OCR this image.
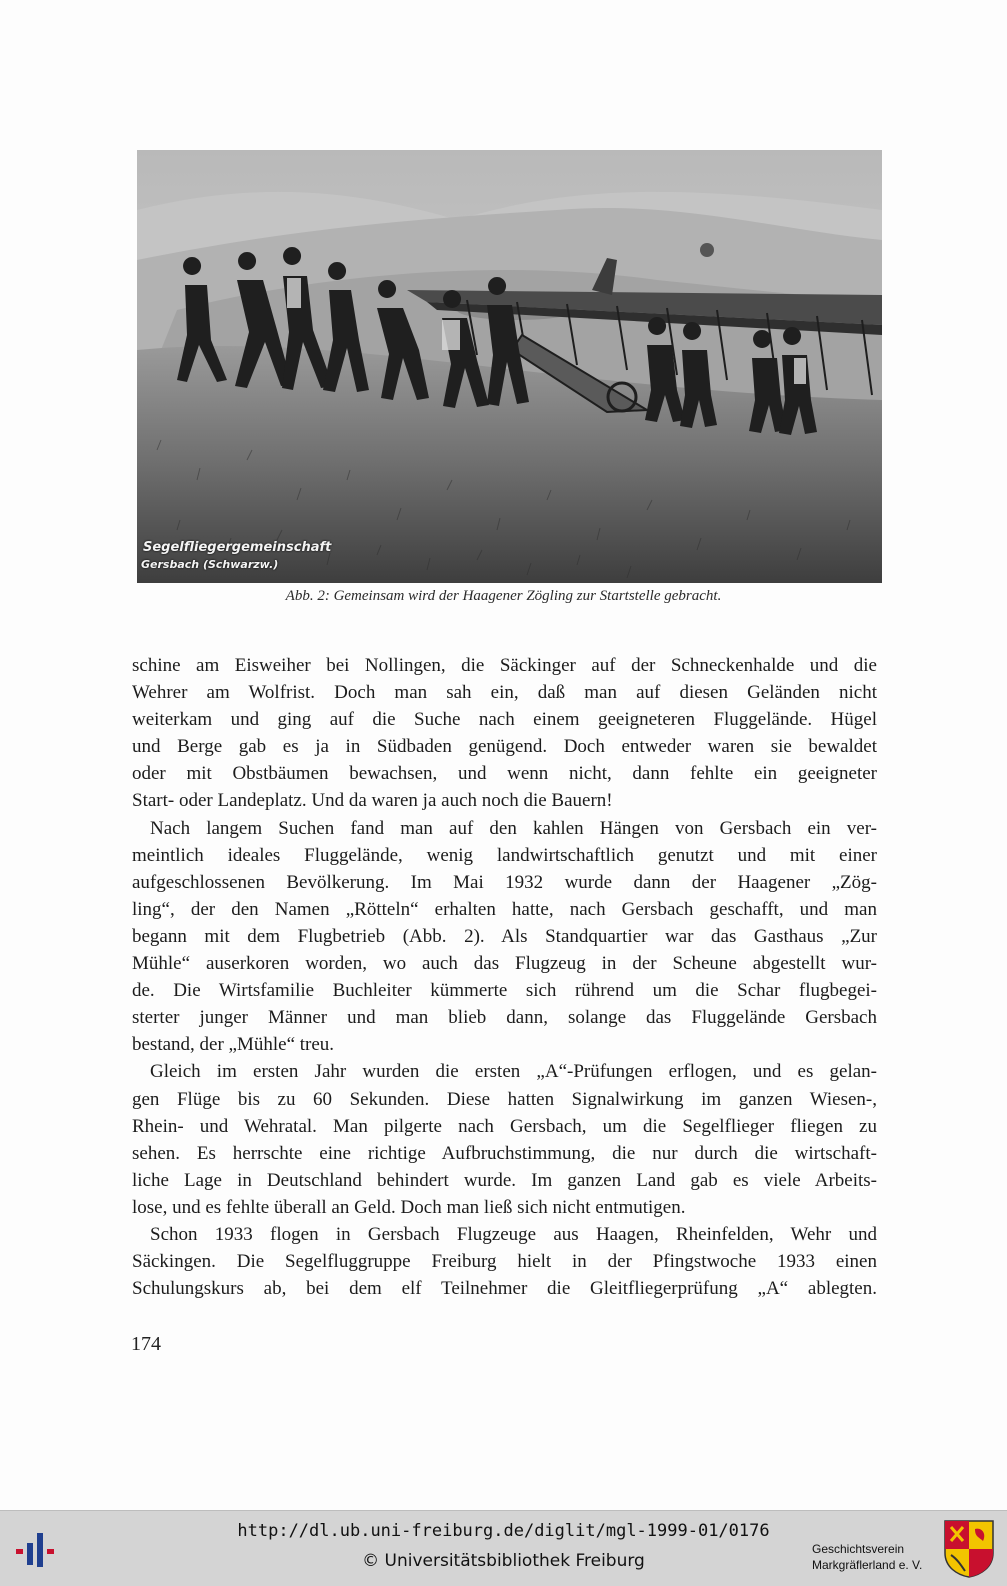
Segelfliegergemeinschaft
Gersbach (Schwarzw.)
Abb. 2: Gemeinsam wird der Haagener Zögling zur Startstelle gebracht.

schine am Eisweiher bei Nollingen, die Säckinger auf der Schneckenhalde und die
Wehrer am Wolfrist. Doch man sah ein, daß man auf diesen Geländen nicht
weiterkam und ging auf die Suche nach einem geeigneteren Fluggelände. Hügel
und Berge gab es ja in Südbaden genügend. Doch entweder waren sie bewaldet
oder mit Obstbäumen bewachsen, und wenn nicht, dann fehlte ein geeigneter
Start- oder Landeplatz. Und da waren ja auch noch die Bauern!

Nach langem Suchen fand man auf den kahlen Hängen von Gersbach ein ver-
meintlich ideales Fluggelände, wenig landwirtschaftlich genutzt und mit einer
aufgeschlossenen Bevölkerung. Im Mai 1932 wurde dann der Haagener „Zög-
ling“, der den Namen „Rötteln“ erhalten hatte, nach Gersbach geschafft, und man
begann mit dem Flugbetrieb (Abb. 2). Als Standquartier war das Gasthaus „Zur
Mühle“ auserkoren worden, wo auch das Flugzeug in der Scheune abgestellt wur-
de. Die Wirtsfamilie Buchleiter kümmerte sich rührend um die Schar flugbegei-
sterter junger Männer und man blieb dann, solange das Fluggelände Gersbach
bestand, der „Mühle“ treu.

Gleich im ersten Jahr wurden die ersten „A“-Prüfungen erflogen, und es gelan-
gen Flüge bis zu 60 Sekunden. Diese hatten Signalwirkung im ganzen Wiesen-,
Rhein- und Wehratal. Man pilgerte nach Gersbach, um die Segelflieger fliegen zu
sehen. Es herrschte eine richtige Aufbruchstimmung, die nur durch die wirtschaft-
liche Lage in Deutschland behindert wurde. Im ganzen Land gab es viele Arbeits-
lose, und es fehlte überall an Geld. Doch man ließ sich nicht entmutigen.

Schon 1933 flogen in Gersbach Flugzeuge aus Haagen, Rheinfelden, Wehr und
Säckingen. Die Segelfluggruppe Freiburg hielt in der Pfingstwoche 1933 einen
Schulungskurs ab, bei dem elf Teilnehmer die Gleitfliegerprüfung „A“ ablegten.

174
http://dl.ub.uni-freiburg.de/diglit/mgl-1999-01/0176
© Universitätsbibliothek Freiburg
Geschichtsverein
Markgräflerland e. V.
